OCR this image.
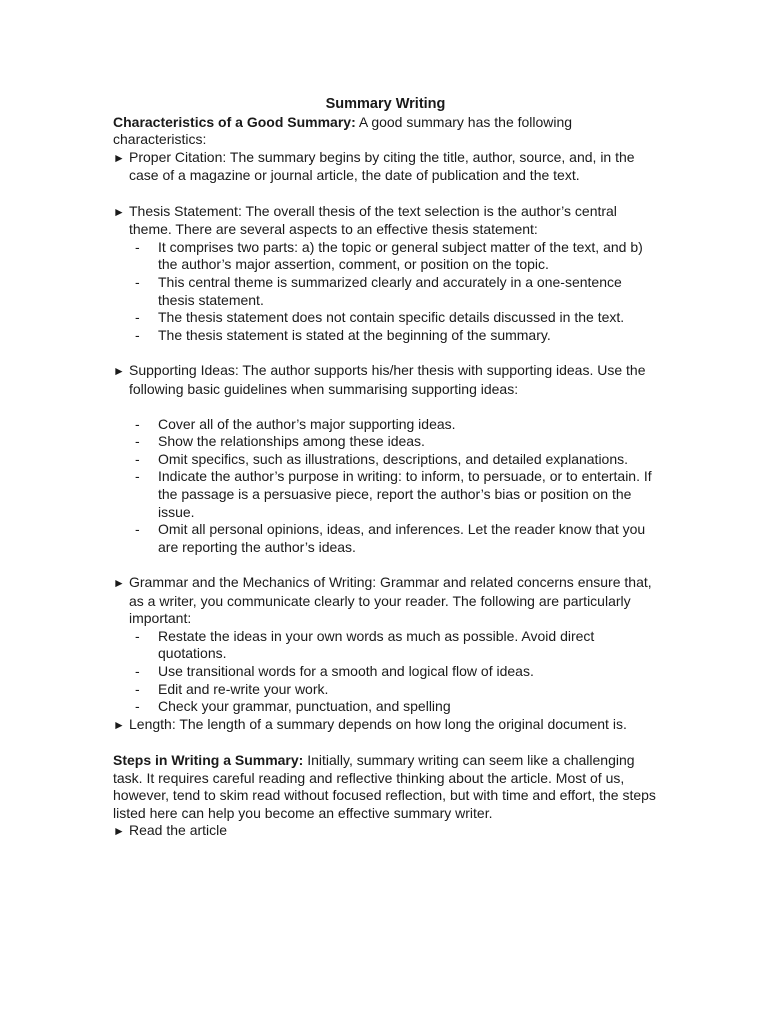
Summary Writing

Characteristics of a Good Summary: A good summary has the following characteristics:

► Proper Citation: The summary begins by citing the title, author, source, and, in the case of a magazine or journal article, the date of publication and the text.

► Thesis Statement: The overall thesis of the text selection is the author’s central theme. There are several aspects to an effective thesis statement:

- It comprises two parts: a) the topic or general subject matter of the text, and b) the author’s major assertion, comment, or position on the topic.
- This central theme is summarized clearly and accurately in a one-sentence thesis statement.
- The thesis statement does not contain specific details discussed in the text.
- The thesis statement is stated at the beginning of the summary.

► Supporting Ideas: The author supports his/her thesis with supporting ideas. Use the following basic guidelines when summarising supporting ideas:

- Cover all of the author’s major supporting ideas.
- Show the relationships among these ideas.
- Omit specifics, such as illustrations, descriptions, and detailed explanations.
- Indicate the author’s purpose in writing: to inform, to persuade, or to entertain. If the passage is a persuasive piece, report the author’s bias or position on the issue.
- Omit all personal opinions, ideas, and inferences. Let the reader know that you are reporting the author’s ideas.

► Grammar and the Mechanics of Writing: Grammar and related concerns ensure that, as a writer, you communicate clearly to your reader. The following are particularly important:

- Restate the ideas in your own words as much as possible. Avoid direct quotations.
- Use transitional words for a smooth and logical flow of ideas.
- Edit and re-write your work.
- Check your grammar, punctuation, and spelling

► Length: The length of a summary depends on how long the original document is.

Steps in Writing a Summary: Initially, summary writing can seem like a challenging task. It requires careful reading and reflective thinking about the article. Most of us, however, tend to skim read without focused reflection, but with time and effort, the steps listed here can help you become an effective summary writer.

► Read the article
